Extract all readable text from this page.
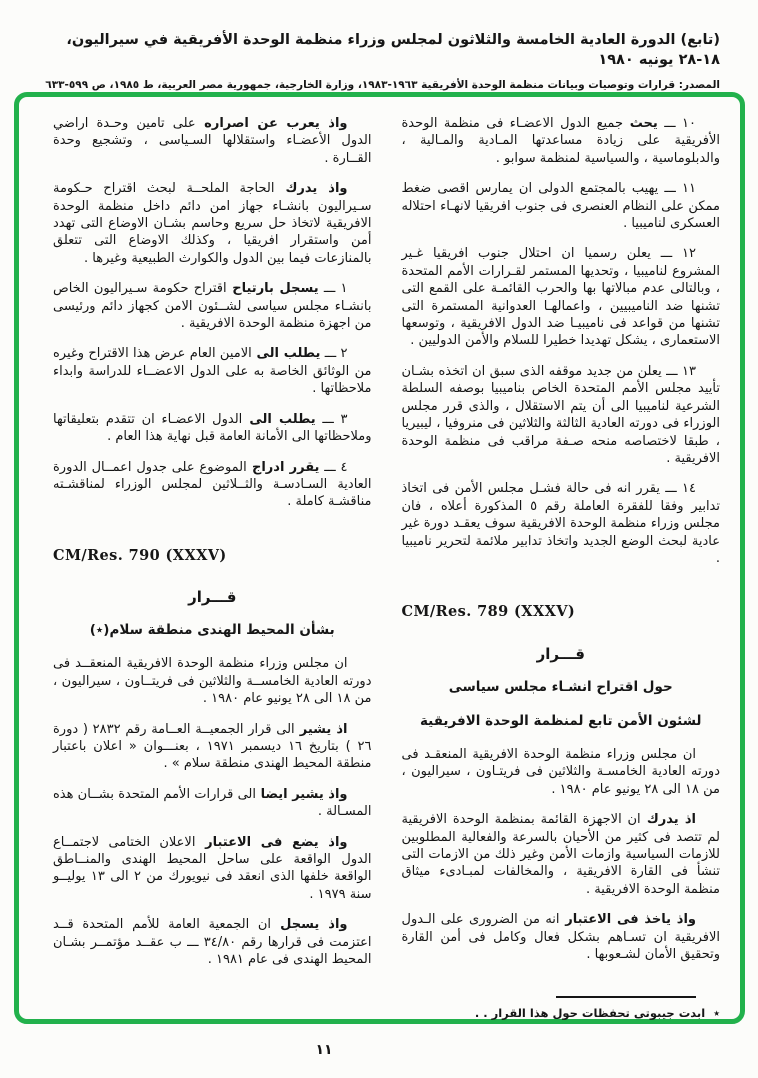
(تابع) الدورة العادية الخامسة والثلاثون لمجلس وزراء منظمة الوحدة الأفريقية في سيراليون، ١٨-٢٨ يونيه ١٩٨٠
المصدر: قرارات وتوصيات وبيانات منظمة الوحدة الأفريقية ١٩٦٣-١٩٨٣، وزارة الخارجية، جمهورية مصر العربية، ط ١٩٨٥، ص ٥٩٩-٦٣٣

١٠ ـــ يحث جميع الدول الاعضـاء فى منظمة الوحدة الأفريقية على زيادة مساعدتها المـادية والمـالية ، والدبلوماسية ، والسياسية لمنظمة سوابو .

١١ ـــ يهيب بالمجتمع الدولى ان يمارس اقصى ضغط ممكن على النظام العنصرى فى جنوب افريقيا لانهـاء احتلاله العسكرى لناميبيا .

١٢ ـــ يعلن رسميا ان احتلال جنوب افريقيا غـير المشروع لناميبيا ، وتحديها المستمر لقـرارات الأمم المتحدة ، وبالتالى عدم مبالاتها بها والحرب القائمـة على القمع التى تشنها ضد الناميبيين ، واعمالهـا العدوانية المستمرة التى تشنها من قواعد فى ناميبيـا ضد الدول الافريقية ، وتوسعها الاستعمارى ، يشكل تهديدا خطيرا للسلام والأمن الدوليين .

١٣ ـــ يعلن من جديد موقفه الذى سبق ان اتخذه بشـان تأييد مجلس الأمم المتحدة الخاص بناميبيا بوصفه السلطة الشرعية لناميبيا الى أن يتم الاستقلال ، والذى قرر مجلس الوزراء فى دورته العادية الثالثة والثلاثين فى منروفيا ، ليبيريا ، طبقا لاختصاصه منحه صـفة مراقب فى منظمة الوحدة الافريقية .

١٤ ـــ يقرر انه فى حالة فشـل مجلس الأمن فى اتخاذ تدابير وفقا للفقرة العاملة رقم ٥ المذكورة أعلاه ، فان مجلس وزراء منظمة الوحدة الافريقية سوف يعقـد دورة غير عادية لبحث الوضع الجديد واتخاذ تدابير ملائمة لتحرير ناميبيا .

CM/Res. 789 (XXXV)
قـــرار
حول اقتراح انشـاء مجلس سياسى
لشئون الأمن تابع لمنظمة الوحدة الافريقية

ان مجلس وزراء منظمة الوحدة الافريقية المنعقـد فى دورته العادية الخامسـة والثلاثين فى فريتـاون ، سيراليون ، من ١٨ الى ٢٨ يونيو عام ١٩٨٠ .

اذ يدرك ان الاجهزة القائمة بمنظمة الوحدة الافريقية لم تتصد فى كثير من الأحيان بالسرعة والفعالية المطلوبين للازمات السياسية وازمات الأمن وغير ذلك من الازمات التى تنشأ فى القارة الافريقية ، والمخالفات لمبـادىء ميثاق منظمة الوحدة الافريقية .

واذ ياخذ فى الاعتبار انه من الضرورى على الـدول الافريقية ان تسـاهم بشكل فعال وكامل فى أمن القارة وتحقيق الأمان لشـعوبها .

٭ ابدت جيبوتى تحفظات حول هذا القرار . .

واذ يعرب عن اصراره على تامين وحـدة اراضي الدول الأعضـاء واستقلالها السـياسى ، وتشجيع وحدة القــارة .

واذ يدرك الحاجة الملحــة لبحث اقتراح حـكومة سـيراليون بانشـاء جهاز امن دائم داخل منظمة الوحدة الافريقية لاتخاذ حل سريع وحاسم بشـان الاوضاع التى تهدد أمن واستقرار افريقيا ، وكذلك الاوضاع التى تتعلق بالمنازعات فيما بين الدول والكوارث الطبيعية وغيرها .

١ ـــ يسجل بارتياح اقتراح حكومة سـيراليون الخاص بانشـاء مجلس سياسى لشــئون الامن كجهاز دائم ورئيسى من اجهزة منظمة الوحدة الافريقية .

٢ ـــ يطلب الى الامين العام عرض هذا الاقتراح وغيره من الوثائق الخاصة به على الدول الاعضــاء للدراسة وابداء ملاحظاتها .

٣ ـــ يطلب الى الدول الاعضـاء ان تتقدم بتعليقاتها وملاحظاتها الى الأمانة العامة قبل نهاية هذا العام .

٤ ـــ يقرر ادراج الموضوع على جدول اعمــال الدورة العادية السـادسـة والثــلاثين لمجلس الوزراء لمناقشـته مناقشـة كاملة .

CM/Res. 790 (XXXV)
قـــرار
بشأن المحيط الهندى منطقة سلام(٭)

ان مجلس وزراء منظمة الوحدة الافريقية المنعقــد فى دورته العادية الخامســة والثلاثين فى فريتــاون ، سيراليون ، من ١٨ الى ٢٨ يونيو عام ١٩٨٠ .

اذ يشير الى قرار الجمعيــة العــامة رقم ٢٨٣٢ ( دورة ٢٦ ) بتاريخ ١٦ ديسمبر ١٩٧١ ، بعنـــوان « اعلان باعتبار منطقة المحيط الهندى منطقة سلام » .

واذ يشير ايضا الى قرارات الأمم المتحدة بشــان هذه المسـالة .

واذ يضع فى الاعتبار الاعلان الختامى لاجتمــاع الدول الواقعة على ساحل المحيط الهندى والمنــاطق الواقعة خلفها الذى انعقد فى نيويورك من ٢ الى ١٣ يوليــو سنة ١٩٧٩ .

واذ يسجل ان الجمعية العامة للأمم المتحدة قــد اعتزمت فى قرارها رقم ٣٤/٨٠ ـــ ب عقــد مؤتمــر بشـان المحيط الهندى فى عام ١٩٨١ .

١١
